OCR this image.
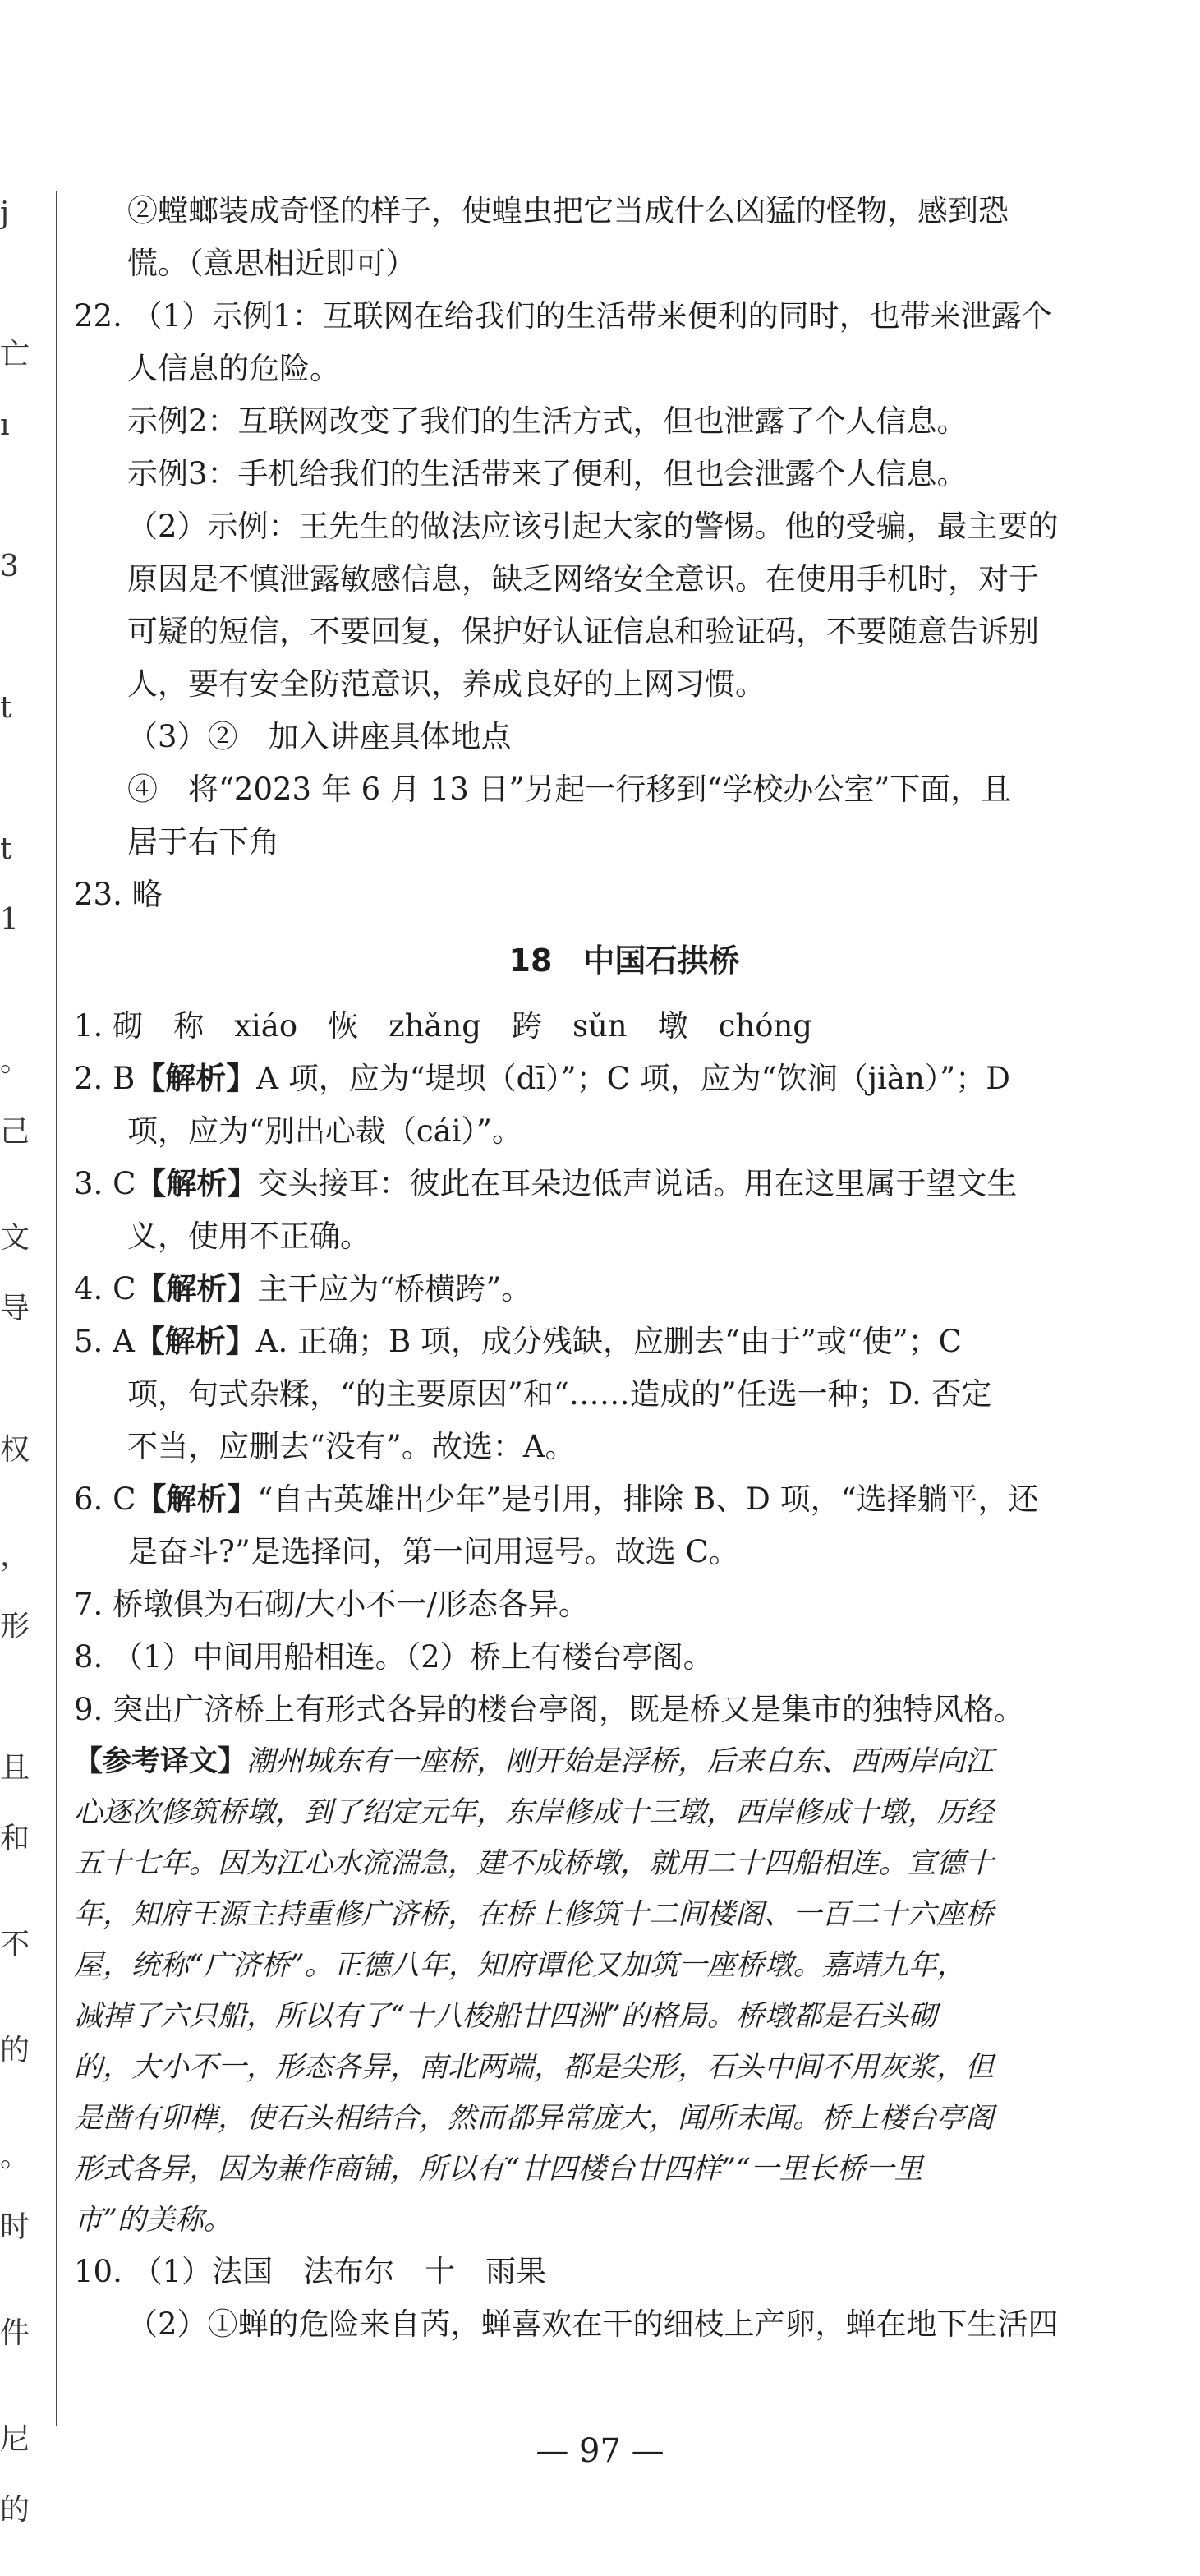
j
亡
ı
3
t
t
1
。
己
文
导
权
，
形
且
和
不
的
。
时
件
尼
的
②螳螂装成奇怪的样子，使蝗虫把它当成什么凶猛的怪物，感到恐
慌。（意思相近即可）
22. （1）示例1：互联网在给我们的生活带来便利的同时，也带来泄露个
人信息的危险。
示例2：互联网改变了我们的生活方式，但也泄露了个人信息。
示例3：手机给我们的生活带来了便利，但也会泄露个人信息。
（2）示例：王先生的做法应该引起大家的警惕。他的受骗，最主要的
原因是不慎泄露敏感信息，缺乏网络安全意识。在使用手机时，对于
可疑的短信，不要回复，保护好认证信息和验证码，不要随意告诉别
人，要有安全防范意识，养成良好的上网习惯。
（3）②　加入讲座具体地点
④　将“2023 年 6 月 13 日”另起一行移到“学校办公室”下面，且
居于右下角
23. 略
18　中国石拱桥
1. 砌　称　xiáo　恢　zhǎng　跨　sǔn　墩　chóng
2. B【解析】A 项，应为“堤坝（dī）”；C 项，应为“饮涧（jiàn）”；D
项，应为“别出心裁（cái）”。
3. C【解析】交头接耳：彼此在耳朵边低声说话。用在这里属于望文生
义，使用不正确。
4. C【解析】主干应为“桥横跨”。
5. A【解析】A. 正确；B 项，成分残缺，应删去“由于”或“使”；C
项，句式杂糅，“的主要原因”和“……造成的”任选一种；D. 否定
不当，应删去“没有”。故选：A。
6. C【解析】“自古英雄出少年”是引用，排除 B、D 项，“选择躺平，还
是奋斗?”是选择问，第一问用逗号。故选 C。
7. 桥墩俱为石砌/大小不一/形态各异。
8. （1）中间用船相连。（2）桥上有楼台亭阁。
9. 突出广济桥上有形式各异的楼台亭阁，既是桥又是集市的独特风格。
【参考译文】潮州城东有一座桥，刚开始是浮桥，后来自东、西两岸向江
心逐次修筑桥墩，到了绍定元年，东岸修成十三墩，西岸修成十墩，历经
五十七年。因为江心水流湍急，建不成桥墩，就用二十四船相连。宣德十
年，知府王源主持重修广济桥，在桥上修筑十二间楼阁、一百二十六座桥
屋，统称“广济桥”。正德八年，知府谭伦又加筑一座桥墩。嘉靖九年，
减掉了六只船，所以有了“十八梭船廿四洲”的格局。桥墩都是石头砌
的，大小不一，形态各异，南北两端，都是尖形，石头中间不用灰浆，但
是凿有卯榫，使石头相结合，然而都异常庞大，闻所未闻。桥上楼台亭阁
形式各异，因为兼作商铺，所以有“廿四楼台廿四样”“一里长桥一里
市”的美称。
10. （1）法国　法布尔　十　雨果
（2）①蝉的危险来自芮，蝉喜欢在干的细枝上产卵，蝉在地下生活四
— 97 —
